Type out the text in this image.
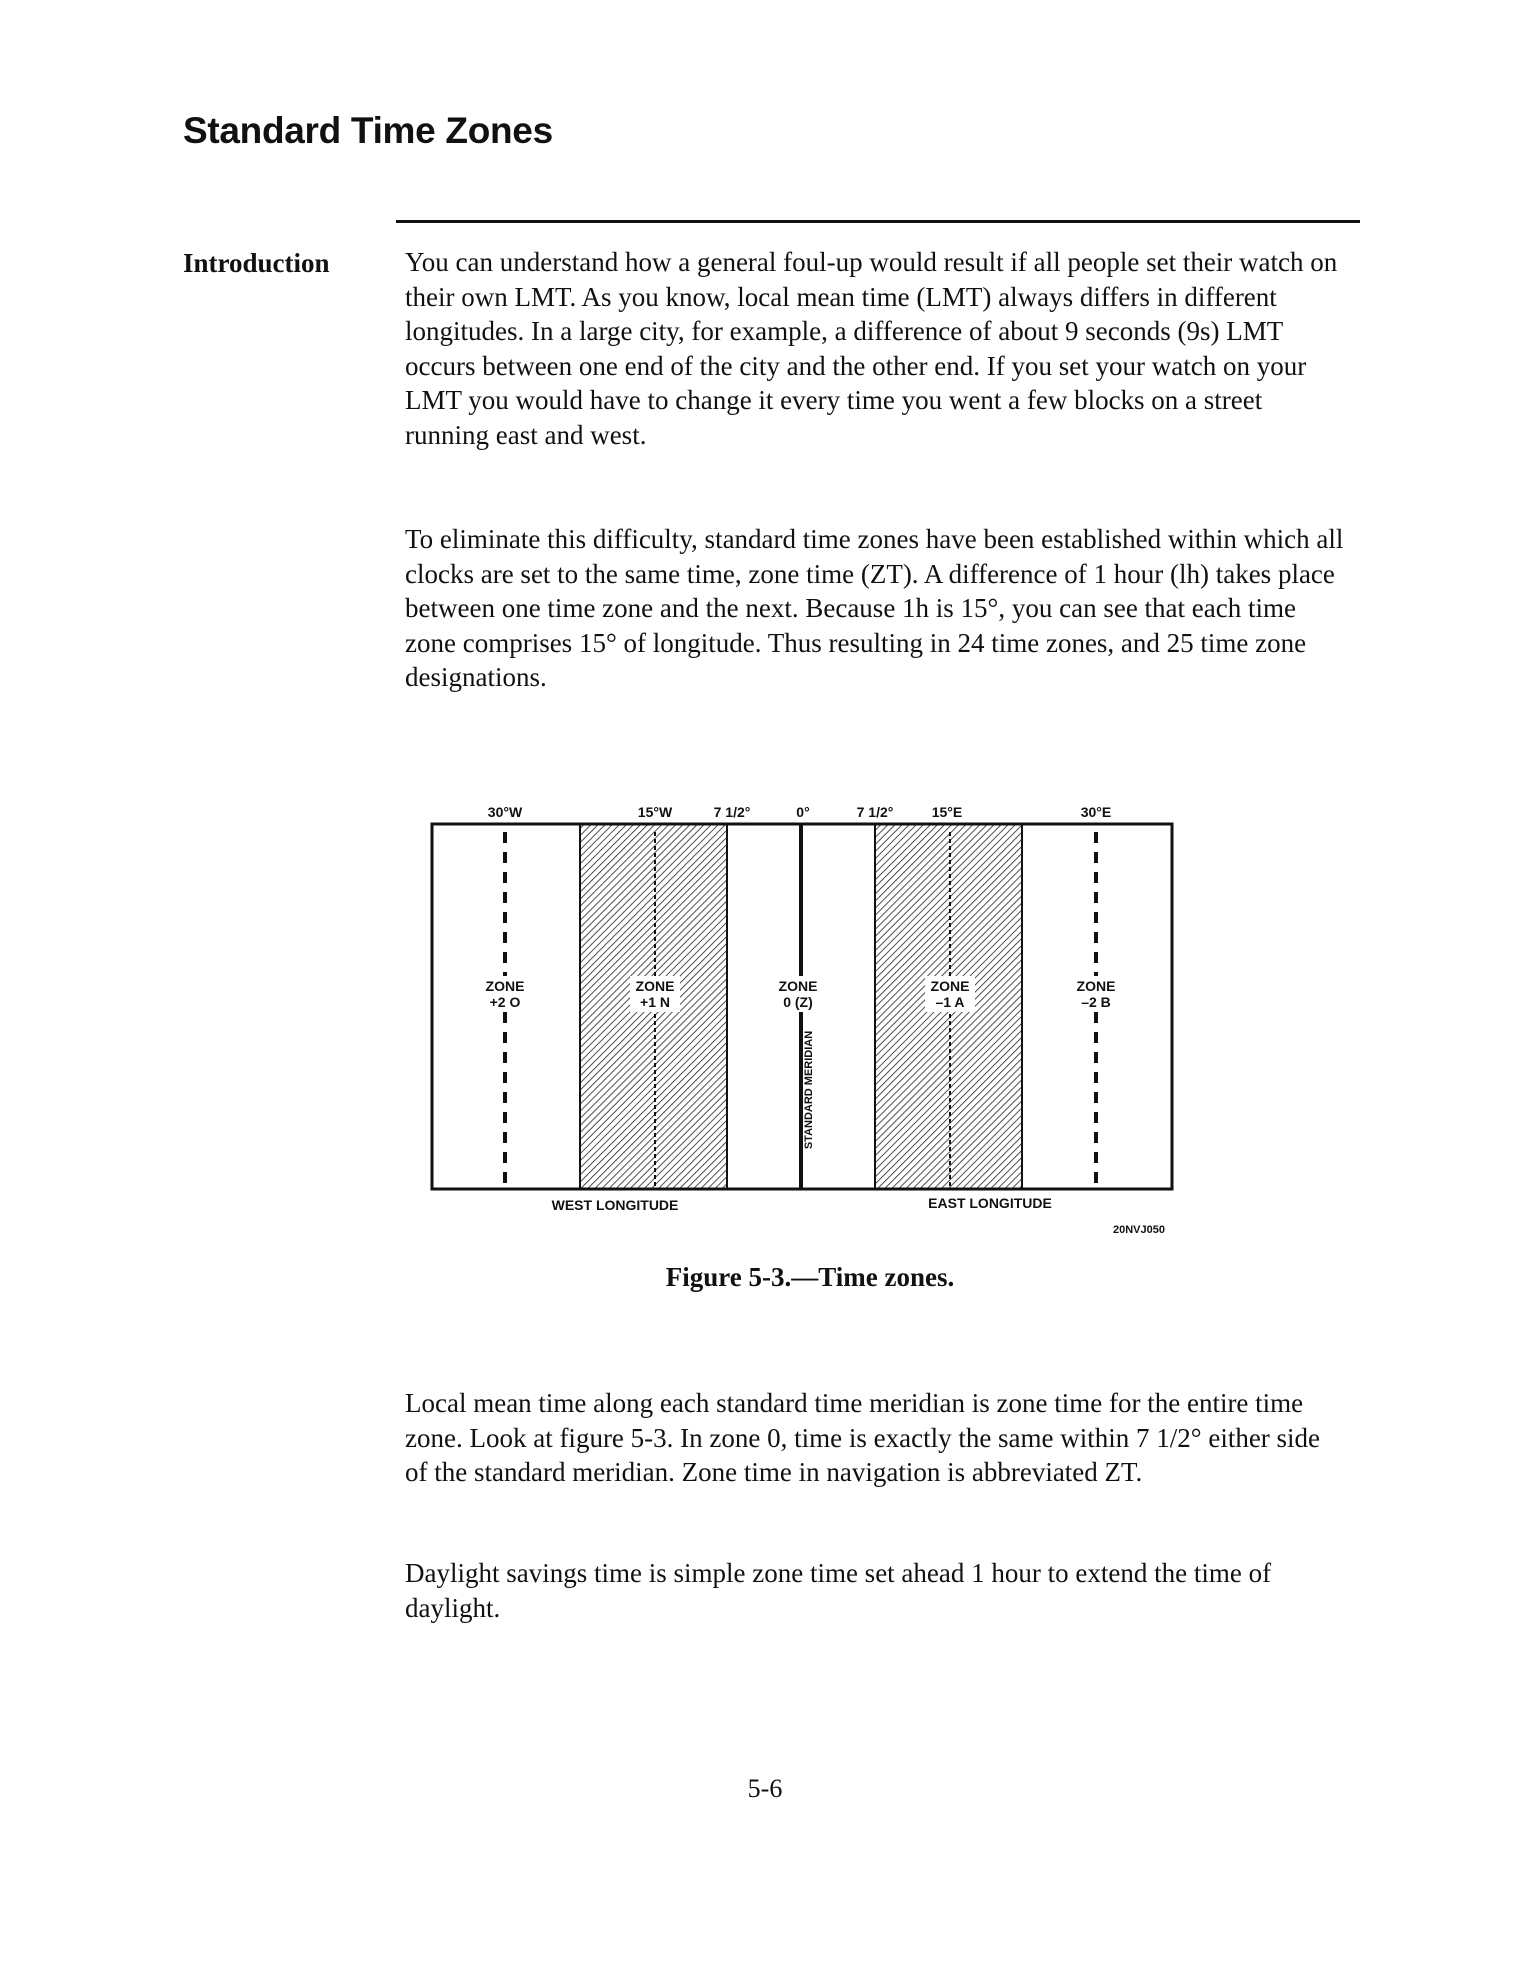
Standard Time Zones
Introduction	You can understand how a general foul-up would result if all people set their watch on their own LMT. As you know, local mean time (LMT) always differs in different longitudes. In a large city, for example, a difference of about 9 seconds (9s) LMT occurs between one end of the city and the other end. If you set your watch on your LMT you would have to change it every time you went a few blocks on a street running east and west.

To eliminate this difficulty, standard time zones have been established within which all clocks are set to the same time, zone time (ZT). A difference of 1 hour (lh) takes place between one time zone and the next. Because 1h is 15°, you can see that each time zone comprises 15° of longitude. Thus resulting in 24 time zones, and 25 time zone designations.

30°W	15°W	7 1/2°	0°	7 1/2°	15°E	30°E
ZONE
+2 O
ZONE
+1 N
ZONE
0 (Z)
ZONE
–1 A
ZONE
–2 B
STANDARD MERIDIAN
WEST LONGITUDE	EAST LONGITUDE
20NVJ050
Figure 5-3.—Time zones.

Local mean time along each standard time meridian is zone time for the entire time zone. Look at figure 5-3. In zone 0, time is exactly the same within 7 1/2° either side of the standard meridian. Zone time in navigation is abbreviated ZT.

Daylight savings time is simple zone time set ahead 1 hour to extend the time of daylight.

5-6
